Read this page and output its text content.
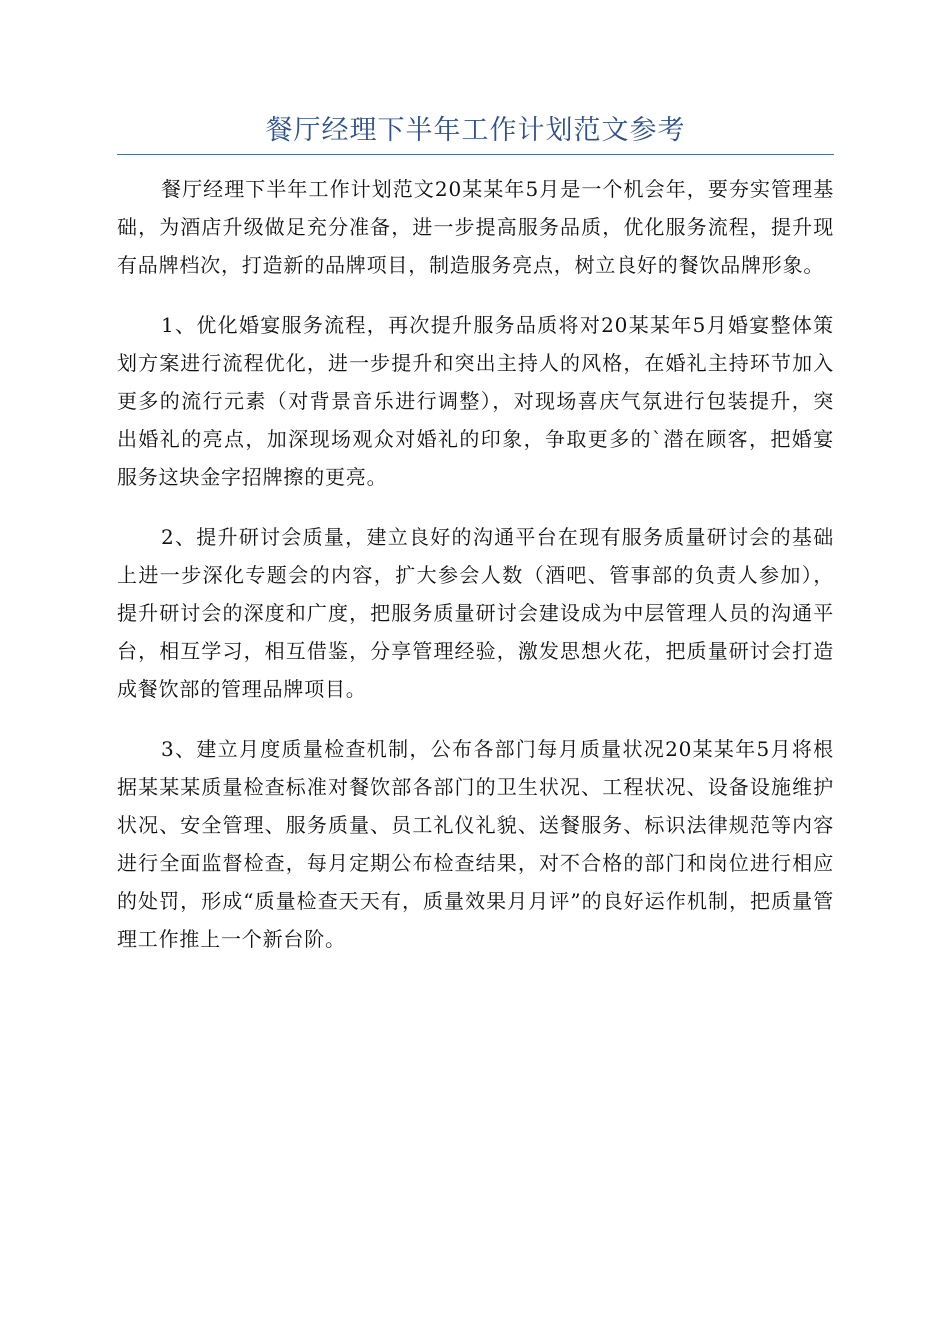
餐厅经理下半年工作计划范文参考

餐厅经理下半年工作计划范文20某某年5月是一个机会年，要夯实管理基础，为酒店升级做足充分准备，进一步提高服务品质，优化服务流程，提升现有品牌档次，打造新的品牌项目，制造服务亮点，树立良好的餐饮品牌形象。

1、优化婚宴服务流程，再次提升服务品质将对20某某年5月婚宴整体策划方案进行流程优化，进一步提升和突出主持人的风格，在婚礼主持环节加入更多的流行元素（对背景音乐进行调整），对现场喜庆气氛进行包装提升，突出婚礼的亮点，加深现场观众对婚礼的印象，争取更多的`潜在顾客，把婚宴服务这块金字招牌擦的更亮。

2、提升研讨会质量，建立良好的沟通平台在现有服务质量研讨会的基础上进一步深化专题会的内容，扩大参会人数（酒吧、管事部的负责人参加），提升研讨会的深度和广度，把服务质量研讨会建设成为中层管理人员的沟通平台，相互学习，相互借鉴，分享管理经验，激发思想火花，把质量研讨会打造成餐饮部的管理品牌项目。

3、建立月度质量检查机制，公布各部门每月质量状况20某某年5月将根据某某某质量检查标准对餐饮部各部门的卫生状况、工程状况、设备设施维护状况、安全管理、服务质量、员工礼仪礼貌、送餐服务、标识法律规范等内容进行全面监督检查，每月定期公布检查结果，对不合格的部门和岗位进行相应的处罚，形成“质量检查天天有，质量效果月月评”的良好运作机制，把质量管理工作推上一个新台阶。
